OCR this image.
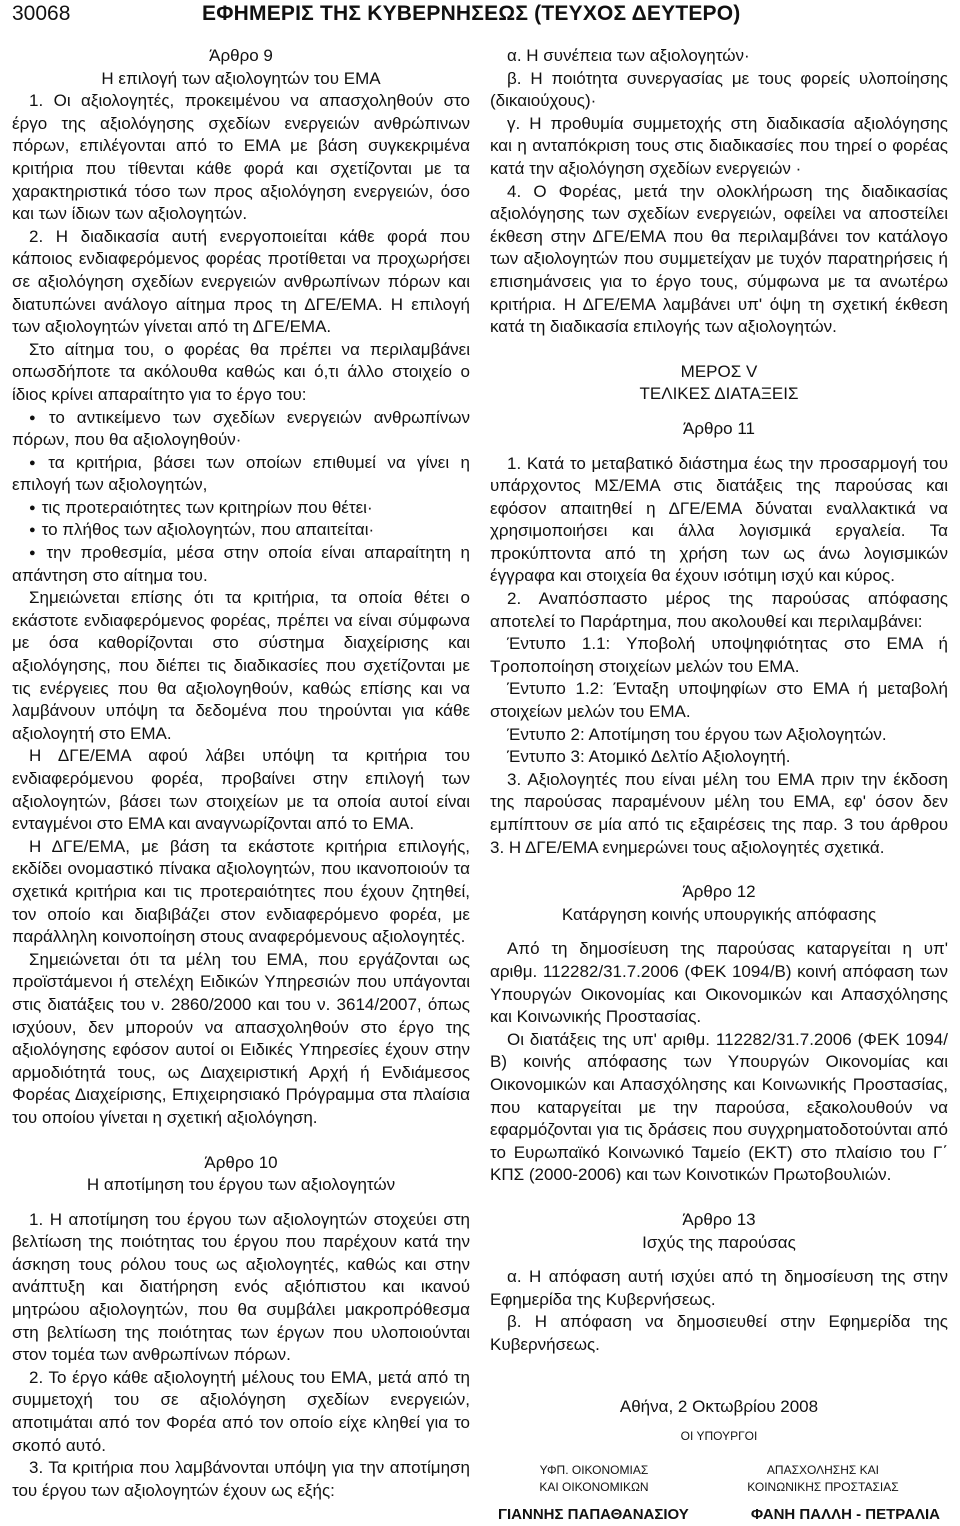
30068	ΕΦΗΜΕΡΙΣ ΤΗΣ ΚΥΒΕΡΝΗΣΕΩΣ (ΤΕΥΧΟΣ ΔΕΥΤΕΡΟ)

Άρθρο 9

Η επιλογή των αξιολογητών του ΕΜΑ

1. Οι αξιολογητές, προκειμένου να απασχοληθούν στο έργο της αξιολόγησης σχεδίων ενεργειών ανθρώπινων πόρων, επιλέγονται από το ΕΜΑ με βάση συγκεκριμένα κριτήρια που τίθενται κάθε φορά και σχετίζονται με τα χαρακτηριστικά τόσο των προς αξιολόγηση ενεργειών, όσο και των ίδιων των αξιολογητών.

2. Η διαδικασία αυτή ενεργοποιείται κάθε φορά που κάποιος ενδιαφερόμενος φορέας προτίθεται να προχωρήσει σε αξιολόγηση σχεδίων ενεργειών ανθρωπίνων πόρων και διατυπώνει ανάλογο αίτημα προς τη ΔΓΕ/ΕΜΑ. Η επιλογή των αξιολογητών γίνεται από τη ΔΓΕ/ΕΜΑ.

Στο αίτημα του, ο φορέας θα πρέπει να περιλαμβάνει οπωσδήποτε τα ακόλουθα καθώς και ό,τι άλλο στοιχείο ο ίδιος κρίνει απαραίτητο για το έργο του:

● το αντικείμενο των σχεδίων ενεργειών ανθρωπίνων πόρων, που θα αξιολογηθούν·

● τα κριτήρια, βάσει των οποίων επιθυμεί να γίνει η επιλογή των αξιολογητών,

● τις προτεραιότητες των κριτηρίων που θέτει·

● το πλήθος των αξιολογητών, που απαιτείται·

● την προθεσμία, μέσα στην οποία είναι απαραίτητη η απάντηση στο αίτημα του.

Σημειώνεται επίσης ότι τα κριτήρια, τα οποία θέτει ο εκάστοτε ενδιαφερόμενος φορέας, πρέπει να είναι σύμφωνα με όσα καθορίζονται στο σύστημα διαχείρισης και αξιολόγησης, που διέπει τις διαδικασίες που σχετίζονται με τις ενέργειες που θα αξιολογηθούν, καθώς επίσης και να λαμβάνουν υπόψη τα δεδομένα που τηρούνται για κάθε αξιολογητή στο ΕΜΑ.

Η ΔΓΕ/ΕΜΑ αφού λάβει υπόψη τα κριτήρια του ενδιαφερόμενου φορέα, προβαίνει στην επιλογή των αξιολογητών, βάσει των στοιχείων με τα οποία αυτοί είναι ενταγμένοι στο ΕΜΑ και αναγνωρίζονται από το ΕΜΑ.

Η ΔΓΕ/ΕΜΑ, με βάση τα εκάστοτε κριτήρια επιλογής, εκδίδει ονομαστικό πίνακα αξιολογητών, που ικανοποιούν τα σχετικά κριτήρια και τις προτεραιότητες που έχουν ζητηθεί, τον οποίο και διαβιβάζει στον ενδιαφερόμενο φορέα, με παράλληλη κοινοποίηση στους αναφερόμενους αξιολογητές.

Σημειώνεται ότι τα μέλη του ΕΜΑ, που εργάζονται ως προϊστάμενοι ή στελέχη Ειδικών Υπηρεσιών που υπάγονται στις διατάξεις του ν. 2860/2000 και του ν. 3614/2007, όπως ισχύουν, δεν μπορούν να απασχοληθούν στο έργο της αξιολόγησης εφόσον αυτοί οι Ειδικές Υπηρεσίες έχουν στην αρμοδιότητά τους, ως Διαχειριστική Αρχή ή Ενδιάμεσος Φορέας Διαχείρισης, Επιχειρησιακό Πρόγραμμα στα πλαίσια του οποίου γίνεται η σχετική αξιολόγηση.

Άρθρο 10

Η αποτίμηση του έργου των αξιολογητών

1. Η αποτίμηση του έργου των αξιολογητών στοχεύει στη βελτίωση της ποιότητας του έργου που παρέχουν κατά την άσκηση τους ρόλου τους ως αξιολογητές, καθώς και στην ανάπτυξη και διατήρηση ενός αξιόπιστου και ικανού μητρώου αξιολογητών, που θα συμβάλει μακροπρόθεσμα στη βελτίωση της ποιότητας των έργων που υλοποιούνται στον τομέα των ανθρωπίνων πόρων.

2. Το έργο κάθε αξιολογητή μέλους του ΕΜΑ, μετά από τη συμμετοχή του σε αξιολόγηση σχεδίων ενεργειών, αποτιμάται από τον Φορέα από τον οποίο είχε κληθεί για το σκοπό αυτό.

3. Τα κριτήρια που λαμβάνονται υπόψη για την αποτίμηση του έργου των αξιολογητών έχουν ως εξής:

α. Η συνέπεια των αξιολογητών·

β. Η ποιότητα συνεργασίας με τους φορείς υλοποίησης (δικαιούχους)·

γ. Η προθυμία συμμετοχής στη διαδικασία αξιολόγησης και η ανταπόκριση τους στις διαδικασίες που τηρεί ο φορέας κατά την αξιολόγηση σχεδίων ενεργειών ·

4. Ο Φορέας, μετά την ολοκλήρωση της διαδικασίας αξιολόγησης των σχεδίων ενεργειών, οφείλει να αποστείλει έκθεση στην ΔΓΕ/ΕΜΑ που θα περιλαμβάνει τον κατάλογο των αξιολογητών που συμμετείχαν με τυχόν παρατηρήσεις ή επισημάνσεις για το έργο τους, σύμφωνα με τα ανωτέρω κριτήρια. Η ΔΓΕ/ΕΜΑ λαμβάνει υπ' όψη τη σχετική έκθεση κατά τη διαδικασία επιλογής των αξιολογητών.

ΜΕΡΟΣ V

ΤΕΛΙΚΕΣ ΔΙΑΤΑΞΕΙΣ

Άρθρο 11

1. Κατά το μεταβατικό διάστημα έως την προσαρμογή του υπάρχοντος ΜΣ/ΕΜΑ στις διατάξεις της παρούσας και εφόσον απαιτηθεί η ΔΓΕ/ΕΜΑ δύναται εναλλακτικά να χρησιμοποιήσει και άλλα λογισμικά εργαλεία. Τα προκύπτοντα από τη χρήση των ως άνω λογισμικών έγγραφα και στοιχεία θα έχουν ισότιμη ισχύ και κύρος.

2. Αναπόσπαστο μέρος της παρούσας απόφασης αποτελεί το Παράρτημα, που ακολουθεί και περιλαμβάνει:

Έντυπο 1.1: Υποβολή υποψηφιότητας στο ΕΜΑ ή Τροποποίηση στοιχείων μελών του ΕΜΑ.

Έντυπο 1.2: Ένταξη υποψηφίων στο ΕΜΑ ή μεταβολή στοιχείων μελών του ΕΜΑ.

Έντυπο 2: Αποτίμηση του έργου των Αξιολογητών.

Έντυπο 3: Ατομικό Δελτίο Αξιολογητή.

3. Αξιολογητές που είναι μέλη του ΕΜΑ πριν την έκδοση της παρούσας παραμένουν μέλη του ΕΜΑ, εφ' όσον δεν εμπίπτουν σε μία από τις εξαιρέσεις της παρ. 3 του άρθρου 3. Η ΔΓΕ/ΕΜΑ ενημερώνει τους αξιολογητές σχετικά.

Άρθρο 12

Κατάργηση κοινής υπουργικής απόφασης

Από τη δημοσίευση της παρούσας καταργείται η υπ' αριθμ. 112282/31.7.2006 (ΦΕΚ 1094/Β) κοινή απόφαση των Υπουργών Οικονομίας και Οικονομικών και Απασχόλησης και Κοινωνικής Προστασίας.

Οι διατάξεις της υπ' αριθμ. 112282/31.7.2006 (ΦΕΚ 1094/Β) κοινής απόφασης των Υπουργών Οικονομίας και Οικονομικών και Απασχόλησης και Κοινωνικής Προστασίας, που καταργείται με την παρούσα, εξακολουθούν να εφαρμόζονται για τις δράσεις που συγχρηματοδοτούνται από το Ευρωπαϊκό Κοινωνικό Ταμείο (ΕΚΤ) στο πλαίσιο του Γ΄ ΚΠΣ (2000-2006) και των Κοινοτικών Πρωτοβουλιών.

Άρθρο 13

Ισχύς της παρούσας

α. Η απόφαση αυτή ισχύει από τη δημοσίευση της στην Εφημερίδα της Κυβερνήσεως.

β. Η απόφαση να δημοσιευθεί στην Εφημερίδα της Κυβερνήσεως.

Αθήνα, 2 Οκτωβρίου 2008

ΟΙ ΥΠΟΥΡΓΟΙ

ΥΦΠ. ΟΙΚΟΝΟΜΙΑΣ
ΚΑΙ ΟΙΚΟΝΟΜΙΚΩΝ
ΑΠΑΣΧΟΛΗΣΗΣ ΚΑΙ
ΚΟΙΝΩΝΙΚΗΣ ΠΡΟΣΤΑΣΙΑΣ
ΓΙΑΝΝΗΣ ΠΑΠΑΘΑΝΑΣΙΟΥ	ΦΑΝΗ ΠΑΛΛΗ - ΠΕΤΡΑΛΙΑ
